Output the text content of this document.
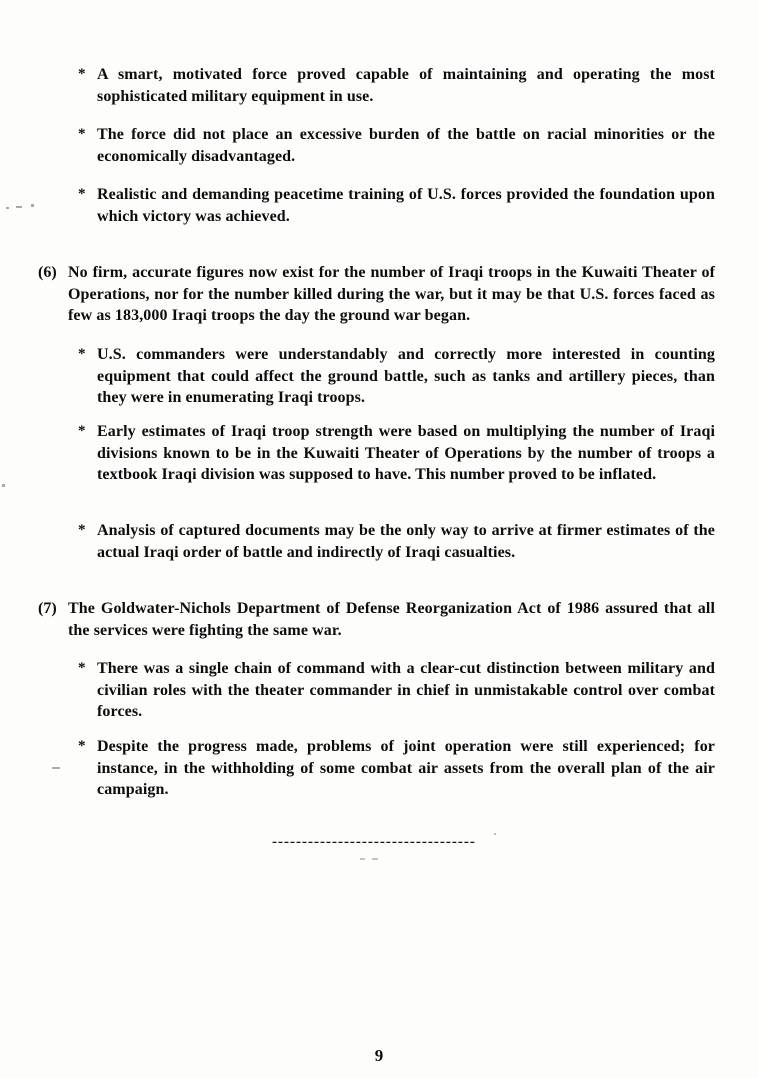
* A smart, motivated force proved capable of maintaining and operating the most sophisticated military equipment in use.
* The force did not place an excessive burden of the battle on racial minorities or the economically disadvantaged.
* Realistic and demanding peacetime training of U.S. forces provided the foundation upon which victory was achieved.
(6) No firm, accurate figures now exist for the number of Iraqi troops in the Kuwaiti Theater of Operations, nor for the number killed during the war, but it may be that U.S. forces faced as few as 183,000 Iraqi troops the day the ground war began.
* U.S. commanders were understandably and correctly more interested in counting equipment that could affect the ground battle, such as tanks and artillery pieces, than they were in enumerating Iraqi troops.
* Early estimates of Iraqi troop strength were based on multiplying the number of Iraqi divisions known to be in the Kuwaiti Theater of Operations by the number of troops a textbook Iraqi division was supposed to have. This number proved to be inflated.
* Analysis of captured documents may be the only way to arrive at firmer estimates of the actual Iraqi order of battle and indirectly of Iraqi casualties.
(7) The Goldwater-Nichols Department of Defense Reorganization Act of 1986 assured that all the services were fighting the same war.
* There was a single chain of command with a clear-cut distinction between military and civilian roles with the theater commander in chief in unmistakable control over combat forces.
* Despite the progress made, problems of joint operation were still experienced; for instance, in the withholding of some combat air assets from the overall plan of the air campaign.
----------------------------------
9
